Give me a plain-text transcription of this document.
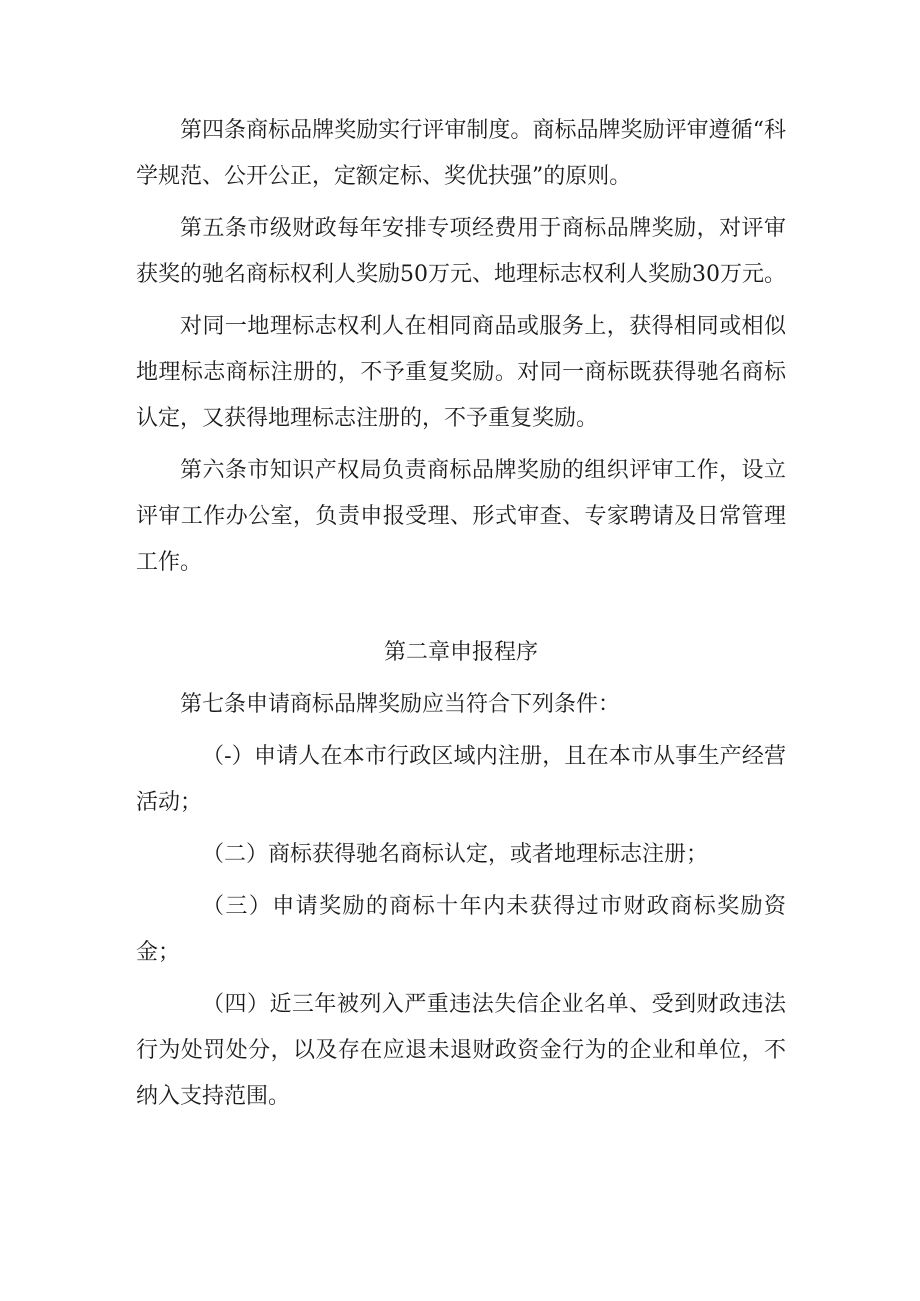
第四条商标品牌奖励实行评审制度。商标品牌奖励评审遵循“科学规范、公开公正，定额定标、奖优扶强”的原则。

第五条市级财政每年安排专项经费用于商标品牌奖励，对评审获奖的驰名商标权利人奖励50万元、地理标志权利人奖励30万元。

对同一地理标志权利人在相同商品或服务上，获得相同或相似地理标志商标注册的，不予重复奖励。对同一商标既获得驰名商标认定，又获得地理标志注册的，不予重复奖励。

第六条市知识产权局负责商标品牌奖励的组织评审工作，设立评审工作办公室，负责申报受理、形式审查、专家聘请及日常管理工作。

第二章申报程序

第七条申请商标品牌奖励应当符合下列条件：

（-）申请人在本市行政区域内注册，且在本市从事生产经营活动；

（二）商标获得驰名商标认定，或者地理标志注册；

（三）申请奖励的商标十年内未获得过市财政商标奖励资金；

（四）近三年被列入严重违法失信企业名单、受到财政违法行为处罚处分，以及存在应退未退财政资金行为的企业和单位，不纳入支持范围。
